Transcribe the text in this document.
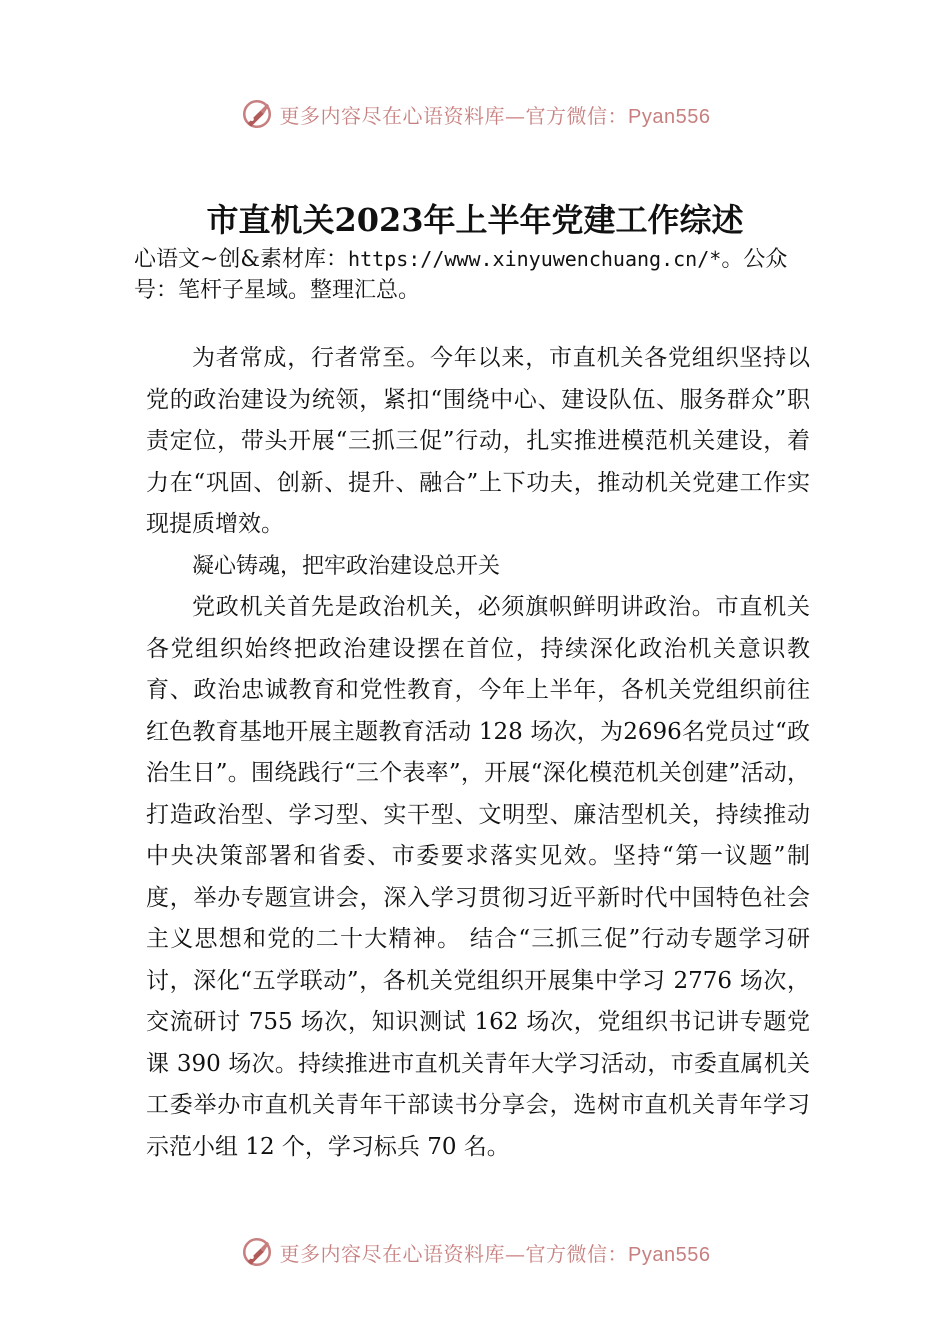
更多内容尽在心语资料库—官方微信：Pyan556
市直机关2023年上半年党建工作综述

心语文~创&素材库：https://www.xinyuwenchuang.cn/*。公众号：笔杆子星域。整理汇总。

为者常成，行者常至。今年以来，市直机关各党组织坚持以党的政治建设为统领，紧扣“围绕中心、建设队伍、服务群众”职责定位，带头开展“三抓三促”行动，扎实推进模范机关建设，着力在“巩固、创新、提升、融合”上下功夫，推动机关党建工作实现提质增效。

凝心铸魂，把牢政治建设总开关

党政机关首先是政治机关，必须旗帜鲜明讲政治。市直机关各党组织始终把政治建设摆在首位，持续深化政治机关意识教育、政治忠诚教育和党性教育，今年上半年，各机关党组织前往红色教育基地开展主题教育活动 128 场次，为2696名党员过“政治生日”。围绕践行“三个表率”，开展“深化模范机关创建”活动，打造政治型、学习型、实干型、文明型、廉洁型机关，持续推动中央决策部署和省委、市委要求落实见效。坚持“第一议题”制度，举办专题宣讲会，深入学习贯彻习近平新时代中国特色社会主义思想和党的二十大精神。 结合“三抓三促”行动专题学习研讨，深化“五学联动”，各机关党组织开展集中学习 2776 场次，交流研讨 755 场次，知识测试 162 场次，党组织书记讲专题党课 390 场次。持续推进市直机关青年大学习活动，市委直属机关工委举办市直机关青年干部读书分享会，选树市直机关青年学习示范小组 12 个，学习标兵 70 名。

更多内容尽在心语资料库—官方微信：Pyan556
